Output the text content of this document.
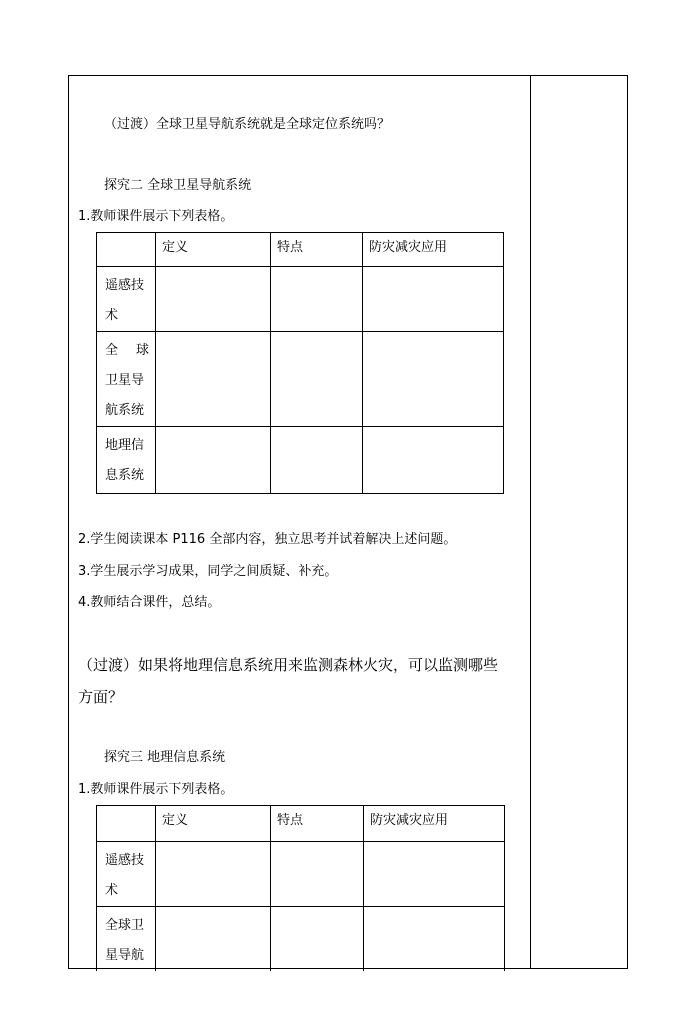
（过渡）全球卫星导航系统就是全球定位系统吗？
探究二 全球卫星导航系统
1.教师课件展示下列表格。
	定义	特点	防灾减灾应用

遥感技
术			

全 球
卫星导
航系统			

地理信
息系统			

2.学生阅读课本 P116 全部内容，独立思考并试着解决上述问题。
3.学生展示学习成果，同学之间质疑、补充。
4.教师结合课件，总结。
（过渡）如果将地理信息系统用来监测森林火灾，可以监测哪些
方面？
探究三 地理信息系统
1.教师课件展示下列表格。
	定义	特点	防灾减灾应用

遥感技
术			

全球卫
星导航			
